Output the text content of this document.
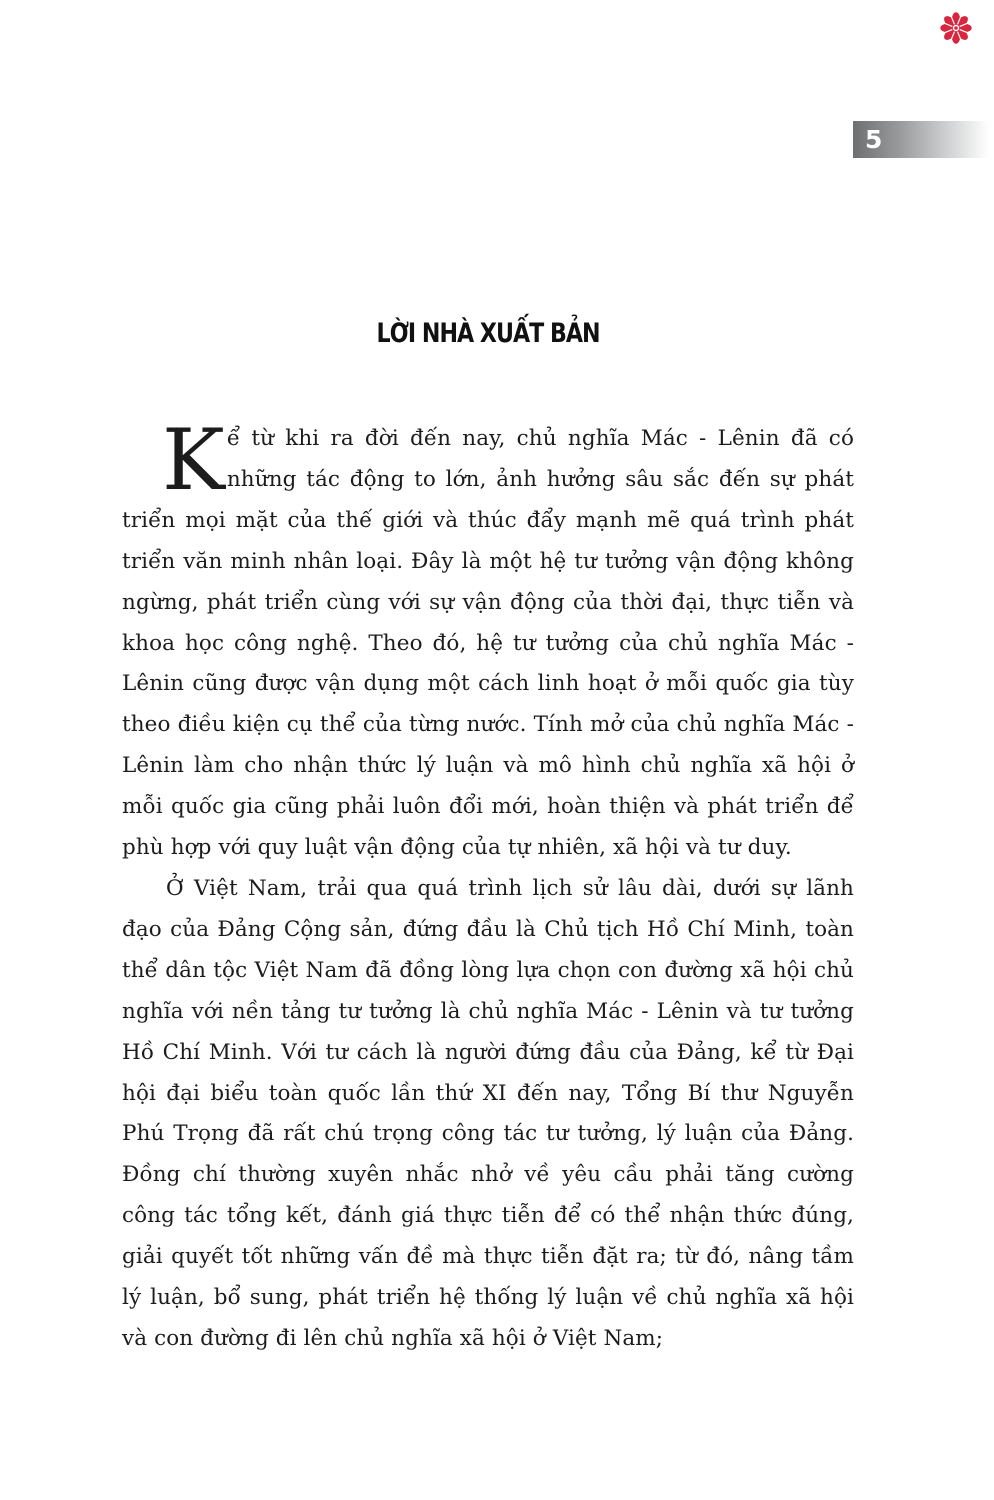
5
LỜI NHÀ XUẤT BẢN

Kể từ khi ra đời đến nay, chủ nghĩa Mác - Lênin đã có những tác động to lớn, ảnh hưởng sâu sắc đến sự phát triển mọi mặt của thế giới và thúc đẩy mạnh mẽ quá trình phát triển văn minh nhân loại. Đây là một hệ tư tưởng vận động không ngừng, phát triển cùng với sự vận động của thời đại, thực tiễn và khoa học công nghệ. Theo đó, hệ tư tưởng của chủ nghĩa Mác - Lênin cũng được vận dụng một cách linh hoạt ở mỗi quốc gia tùy theo điều kiện cụ thể của từng nước. Tính mở của chủ nghĩa Mác - Lênin làm cho nhận thức lý luận và mô hình chủ nghĩa xã hội ở mỗi quốc gia cũng phải luôn đổi mới, hoàn thiện và phát triển để phù hợp với quy luật vận động của tự nhiên, xã hội và tư duy.

Ở Việt Nam, trải qua quá trình lịch sử lâu dài, dưới sự lãnh đạo của Đảng Cộng sản, đứng đầu là Chủ tịch Hồ Chí Minh, toàn thể dân tộc Việt Nam đã đồng lòng lựa chọn con đường xã hội chủ nghĩa với nền tảng tư tưởng là chủ nghĩa Mác - Lênin và tư tưởng Hồ Chí Minh. Với tư cách là người đứng đầu của Đảng, kể từ Đại hội đại biểu toàn quốc lần thứ XI đến nay, Tổng Bí thư Nguyễn Phú Trọng đã rất chú trọng công tác tư tưởng, lý luận của Đảng. Đồng chí thường xuyên nhắc nhở về yêu cầu phải tăng cường công tác tổng kết, đánh giá thực tiễn để có thể nhận thức đúng, giải quyết tốt những vấn đề mà thực tiễn đặt ra; từ đó, nâng tầm lý luận, bổ sung, phát triển hệ thống lý luận về chủ nghĩa xã hội và con đường đi lên chủ nghĩa xã hội ở Việt Nam;
